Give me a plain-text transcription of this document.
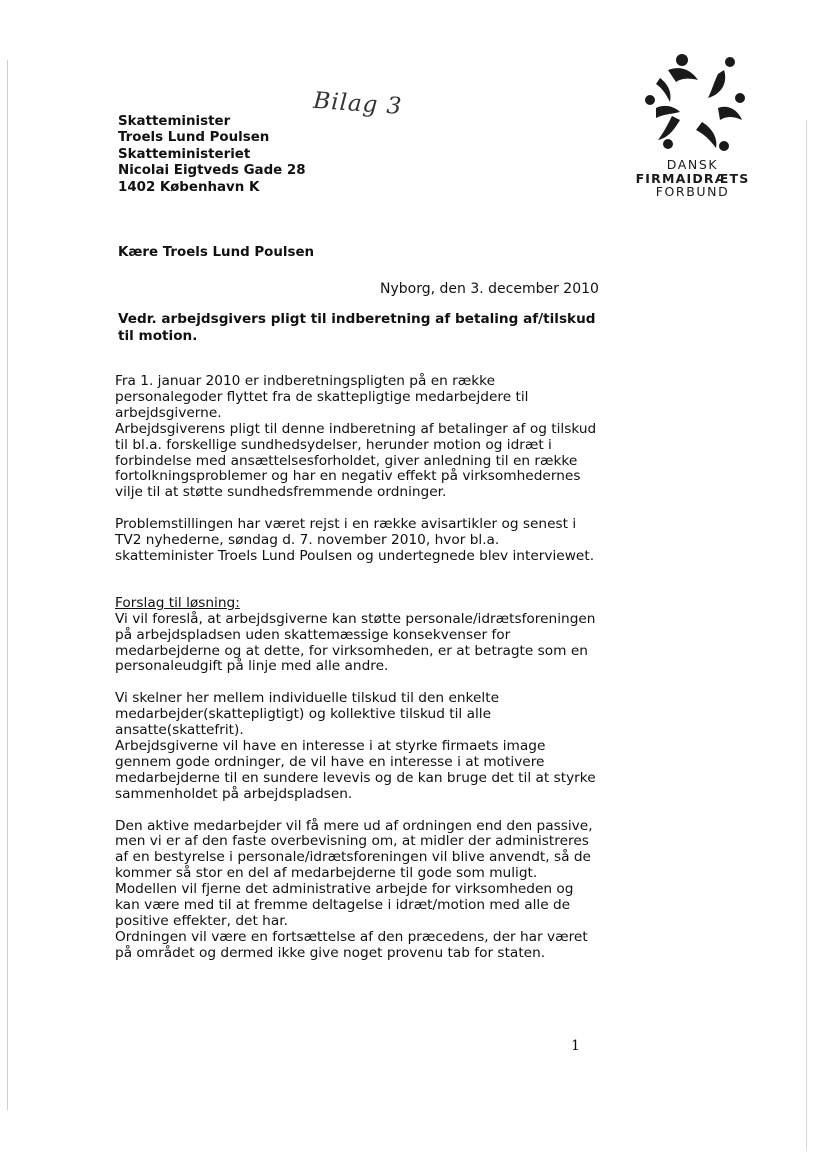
Bilag 3
Skatteminister
Troels Lund Poulsen
Skatteministeriet
Nicolai Eigtveds Gade 28
1402 København K
DANSK
FIRMAIDRÆTS
FORBUND
Kære Troels Lund Poulsen
Nyborg, den 3. december 2010
Vedr. arbejdsgivers pligt til indberetning af betaling af/tilskud
til motion.

Fra 1. januar 2010 er indberetningspligten på en række
personalegoder flyttet fra de skattepligtige medarbejdere til
arbejdsgiverne.
Arbejdsgiverens pligt til denne indberetning af betalinger af og tilskud
til bl.a. forskellige sundhedsydelser, herunder motion og idræt i
forbindelse med ansættelsesforholdet, giver anledning til en række
fortolkningsproblemer og har en negativ effekt på virksomhedernes
vilje til at støtte sundhedsfremmende ordninger.

Problemstillingen har været rejst i en række avisartikler og senest i
TV2 nyhederne, søndag d. 7. november 2010, hvor bl.a.
skatteminister Troels Lund Poulsen og undertegnede blev interviewet.

Forslag til løsning:
Vi vil foreslå, at arbejdsgiverne kan støtte personale/idrætsforeningen
på arbejdspladsen uden skattemæssige konsekvenser for
medarbejderne og at dette, for virksomheden, er at betragte som en
personaleudgift på linje med alle andre.

Vi skelner her mellem individuelle tilskud til den enkelte
medarbejder(skattepligtigt) og kollektive tilskud til alle
ansatte(skattefrit).
Arbejdsgiverne vil have en interesse i at styrke firmaets image
gennem gode ordninger, de vil have en interesse i at motivere
medarbejderne til en sundere levevis og de kan bruge det til at styrke
sammenholdet på arbejdspladsen.

Den aktive medarbejder vil få mere ud af ordningen end den passive,
men vi er af den faste overbevisning om, at midler der administreres
af en bestyrelse i personale/idrætsforeningen vil blive anvendt, så de
kommer så stor en del af medarbejderne til gode som muligt.
Modellen vil fjerne det administrative arbejde for virksomheden og
kan være med til at fremme deltagelse i idræt/motion med alle de
positive effekter, det har.
Ordningen vil være en fortsættelse af den præcedens, der har været
på området og dermed ikke give noget provenu tab for staten.

1
